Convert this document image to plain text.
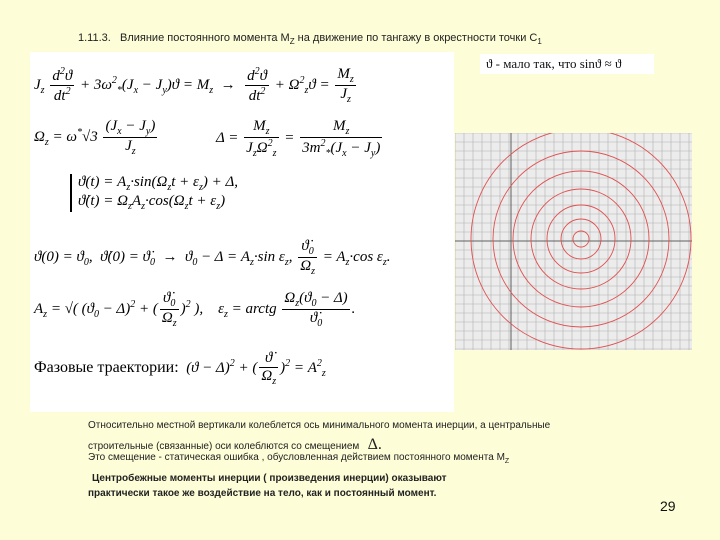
1.11.3. Влияние постоянного момента $M_Z$ на движение по тангажу в окрестности точки $C_1$
$J_z \frac{d^2ϑ}{dt^2} + 3\omega^2_*(J_x - J_y)ϑ = M_z \to \frac{d^2ϑ}{dt^2} + \Omega^2_zϑ = \frac{M_z}{J_z}$
$\Omega_z = \omega^*√3 \frac{(J_x - J_y)}{J_z}$	$\Delta = \frac{M_z}{J_z\Omega^2_z} = \frac{M_z}{3m^2_*(J_x - J_y)}$
$ϑ(t) = A_z\cdot\sin(\Omega_zt + \varepsilon_z) + \Delta$,
ϑ̇(t) = $\Omega_zA_z\cdot\cos(\Omega_zt + \varepsilon_z)$
$ϑ(0) = ϑ_0$,  ϑ̇(0) = $ϑ̇_0 \to ϑ_0 - \Delta = A_z\cdot\sin$ $\varepsilon_z$, $\frac{ϑ̇_0}{\Omega_z} = A_z\cdot\cos$ $\varepsilon_z$.
$A_z$ = √( $(ϑ_0 - \Delta)^2$ + ( $\frac{ϑ̇_0}{\Omega_z} )^2$ ),    $\varepsilon_z$ = arctg $\frac{\Omega_z(ϑ_0 - \Delta)}{ϑ̇_0}$ .
Фазовые траектории:  $(ϑ - \Delta)^2$ + ( $\frac{ϑ̇}{\Omega_z} )^2 = A^2_z$
ϑ - мало так, что sinϑ ≈ ϑ
Относительно местной вертикали колеблется ось минимального момента инерции, а центральные
строительные (связанные) оси колеблются со смещением Δ.
Это смещение - статическая ошибка , обусловленная действием постоянного момента $M_Z$
Центробежные моменты инерции ( произведения инерции) оказывают
практически такое же воздействие на тело, как и постоянный момент.
29
